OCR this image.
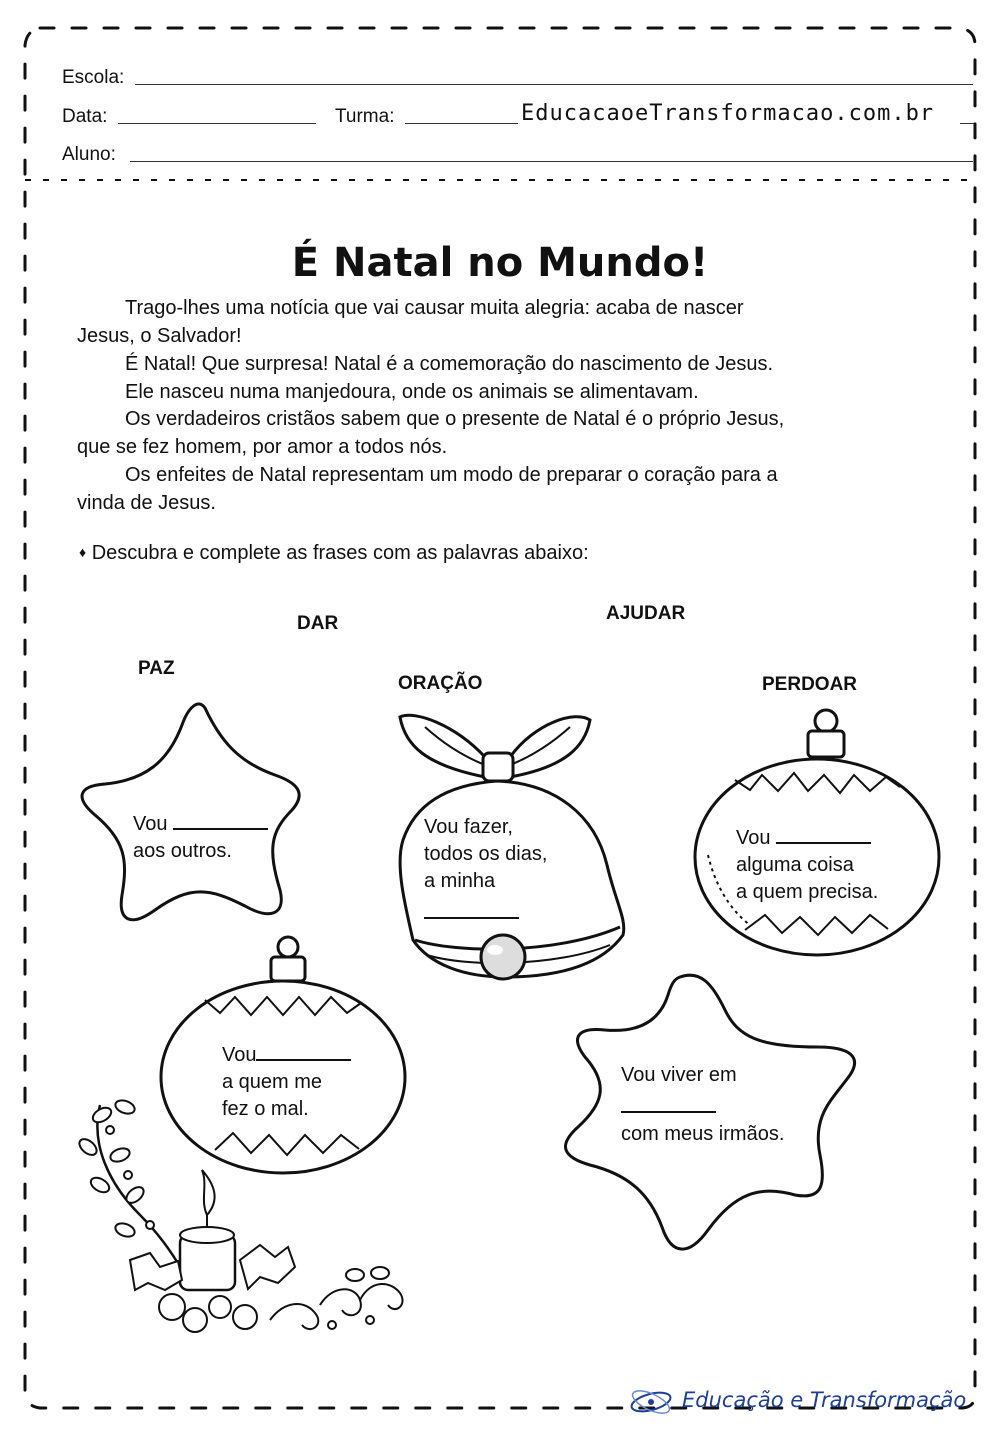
Escola:
Data:	Turma:	EducacaoeTransformacao.com.br
Aluno:
É Natal no Mundo!
Trago-lhes uma notícia que vai causar muita alegria: acaba de nascer
Jesus, o Salvador!
É Natal! Que surpresa! Natal é a comemoração do nascimento de Jesus.
Ele nasceu numa manjedoura, onde os animais se alimentavam.
Os verdadeiros cristãos sabem que o presente de Natal é o próprio Jesus,
que se fez homem, por amor a todos nós.
Os enfeites de Natal representam um modo de preparar o coração para a
vinda de Jesus.
♦ Descubra e complete as frases com as palavras abaixo:
DAR	AJUDAR
PAZ
ORAÇÃO	PERDOAR
Vou
aos outros.
Vou fazer,
todos os dias,
a minha
Vou
alguma coisa
a quem precisa.
Vou
a quem me
fez o mal.
Vou viver em
com meus irmãos.
Educação e Transformação
